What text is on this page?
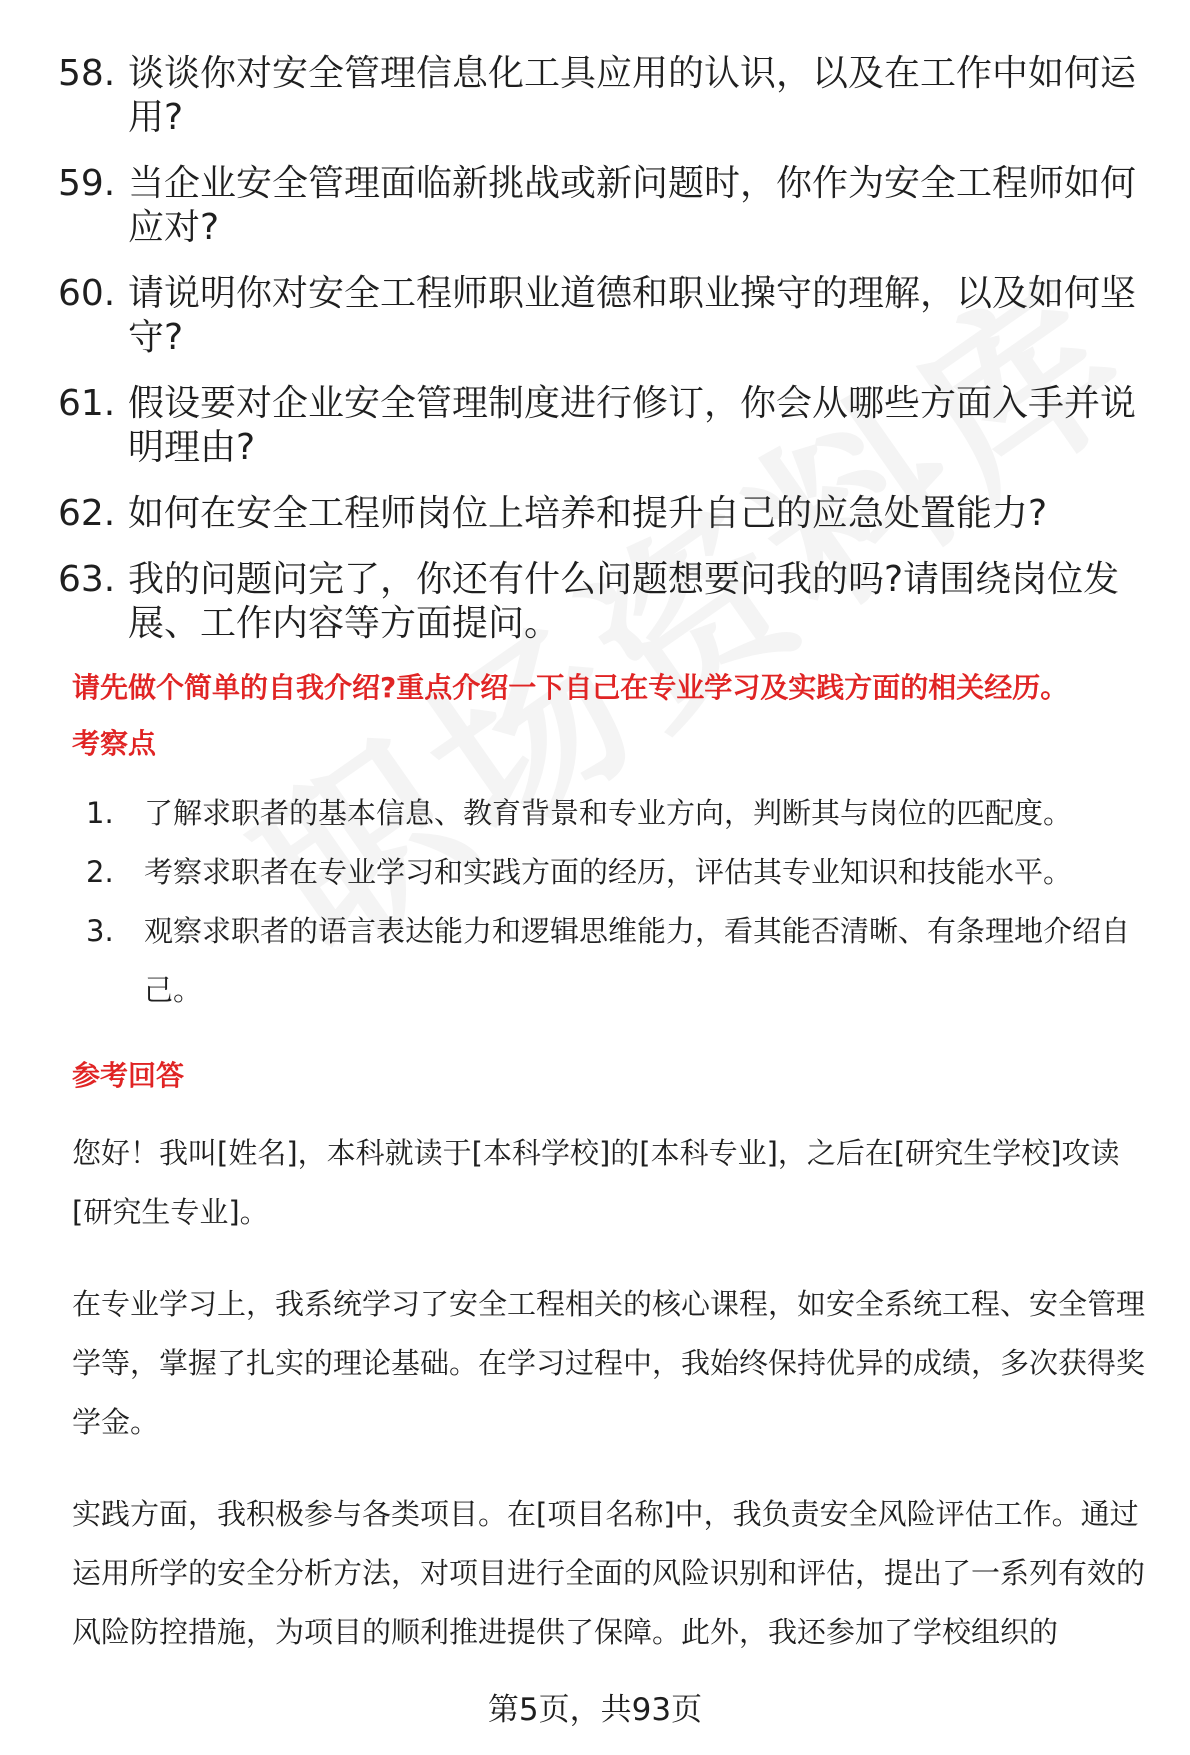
58. 谈谈你对安全管理信息化工具应用的认识，以及在工作中如何运用?
59. 当企业安全管理面临新挑战或新问题时，你作为安全工程师如何应对?
60. 请说明你对安全工程师职业道德和职业操守的理解，以及如何坚守?
61. 假设要对企业安全管理制度进行修订，你会从哪些方面入手并说明理由?
62. 如何在安全工程师岗位上培养和提升自己的应急处置能力?
63. 我的问题问完了，你还有什么问题想要问我的吗?请围绕岗位发展、工作内容等方面提问。
请先做个简单的自我介绍?重点介绍一下自己在专业学习及实践方面的相关经历。
考察点
1.	了解求职者的基本信息、教育背景和专业方向，判断其与岗位的匹配度。
2.	考察求职者在专业学习和实践方面的经历，评估其专业知识和技能水平。
3.	观察求职者的语言表达能力和逻辑思维能力，看其能否清晰、有条理地介绍自己。
参考回答

您好！我叫[姓名]，本科就读于[本科学校]的[本科专业]，之后在[研究生学校]攻读[研究生专业]。

在专业学习上，我系统学习了安全工程相关的核心课程，如安全系统工程、安全管理学等，掌握了扎实的理论基础。在学习过程中，我始终保持优异的成绩，多次获得奖学金。

实践方面，我积极参与各类项目。在[项目名称]中，我负责安全风险评估工作。通过运用所学的安全分析方法，对项目进行全面的风险识别和评估，提出了一系列有效的风险防控措施，为项目的顺利推进提供了保障。此外，我还参加了学校组织的

第5页，共93页
